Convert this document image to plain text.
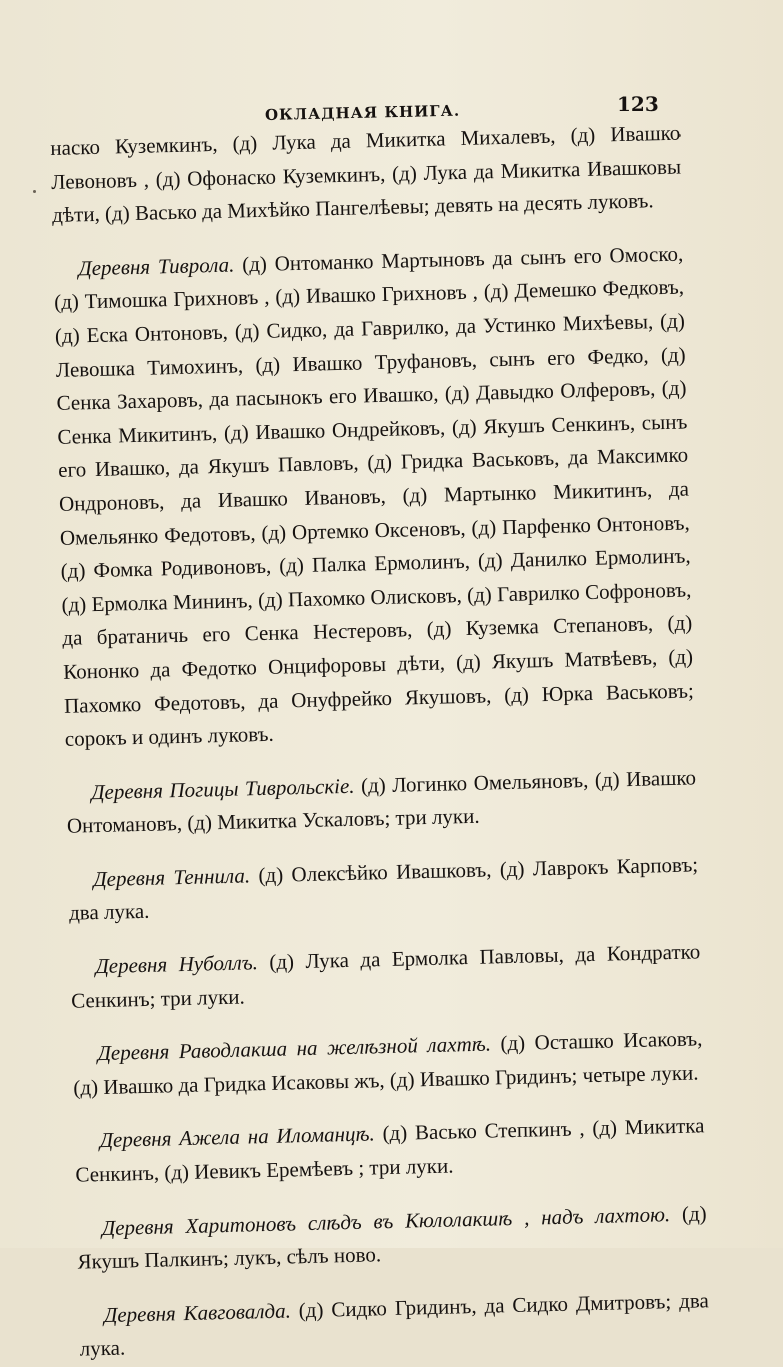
ОКЛАДНАЯ КНИГА.	123

наско Куземкинъ, (д) Лука да Микитка Михалевъ, (д) Ивашко Левоновъ , (д) Офонаско Куземкинъ, (д) Лука да Микитка Ивашковы дѣти, (д) Васько да Михѣйко Пангелѣевы; девять на десять луковъ.

Деревня Тиврола. (д) Онтоманко Мартыновъ да сынъ его Омоско, (д) Тимошка Грихновъ , (д) Ивашко Грихновъ , (д) Демешко Федковъ, (д) Еска Онтоновъ, (д) Сидко, да Гаврилко, да Устинко Михѣевы, (д) Левошка Тимохинъ, (д) Ивашко Труфановъ, сынъ его Федко, (д) Сенка Захаровъ, да пасынокъ его Ивашко, (д) Давыдко Олферовъ, (д) Сенка Микитинъ, (д) Ивашко Ондрейковъ, (д) Якушъ Сенкинъ, сынъ его Ивашко, да Якушъ Павловъ, (д) Гридка Васьковъ, да Максимко Ондроновъ, да Ивашко Ивановъ, (д) Мартынко Микитинъ, да Омельянко Федотовъ, (д) Ортемко Оксеновъ, (д) Парфенко Онтоновъ, (д) Фомка Родивоновъ, (д) Палка Ермолинъ, (д) Данилко Ермолинъ, (д) Ермолка Мининъ, (д) Пахомко Олисковъ, (д) Гаврилко Софроновъ, да братаничь его Сенка Нестеровъ, (д) Куземка Степановъ, (д) Кононко да Федотко Онцифоровы дѣти, (д) Якушъ Матвѣевъ, (д) Пахомко Федотовъ, да Онуфрейко Якушовъ, (д) Юрка Васьковъ; сорокъ и одинъ луковъ.

Деревня Погицы Тиврольскіе. (д) Логинко Омельяновъ, (д) Ивашко Онтомановъ, (д) Микитка Ускаловъ; три луки.

Деревня Теннила. (д) Олексѣйко Ивашковъ, (д) Лаврокъ Карповъ; два лука.

Деревня Нуболлъ. (д) Лука да Ермолка Павловы, да Кондратко Сенкинъ; три луки.

Деревня Раводлакша на желѣзной лахтѣ. (д) Осташко Исаковъ, (д) Ивашко да Гридка Исаковы жъ, (д) Ивашко Гридинъ; четыре луки.

Деревня Ажела на Иломанцѣ. (д) Васько Степкинъ , (д) Микитка Сенкинъ, (д) Иевикъ Еремѣевъ ; три луки.

Деревня Харитоновъ слѣдъ въ Кюлолакшѣ , надъ лахтою. (д) Якушъ Палкинъ; лукъ, сѣлъ ново.

Деревня Кавговалда. (д) Сидко Гридинъ, да Сидко Дмитровъ; два лука.
